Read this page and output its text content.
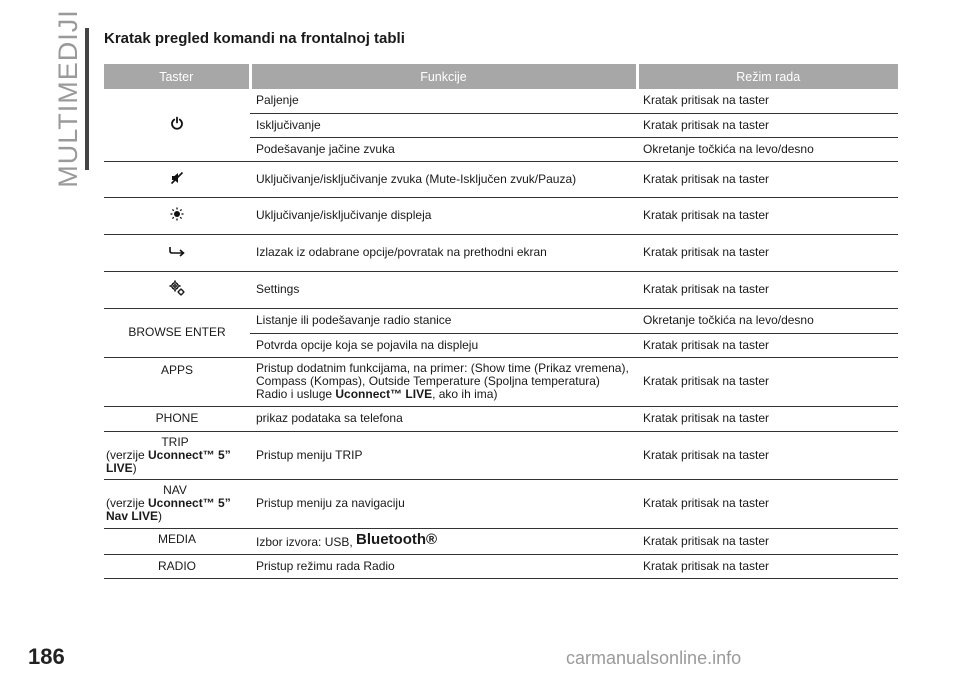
MULTIMEDIJI Kratak pregled komandi na frontalnoj tabli
Taster	Funkcije	Režim rada
	Paljenje	Kratak pritisak na taster
	Isključivanje	Kratak pritisak na taster
	Podešavanje jačine zvuka	Okretanje točkića na levo/desno
	Uključivanje/isključivanje zvuka (Mute-Isključen zvuk/Pauza)	Kratak pritisak na taster
	Uključivanje/isključivanje displeja	Kratak pritisak na taster
	Izlazak iz odabrane opcije/povratak na prethodni ekran	Kratak pritisak na taster
	Settings	Kratak pritisak na taster
BROWSE ENTER	Listanje ili podešavanje radio stanice	Okretanje točkića na levo/desno
	Potvrda opcije koja se pojavila na displeju	Kratak pritisak na taster
APPS	Pristup dodatnim funkcijama, na primer: (Show time (Prikaz vremena), Compass (Kompas), Outside Temperature (Spoljna temperatura) Radio i usluge Uconnect™ LIVE, ako ih ima)	Kratak pritisak na taster
PHONE	prikaz podataka sa telefona	Kratak pritisak na taster

TRIP
(verzije Uconnect™ 5” LIVE)	Pristup meniju TRIP	Kratak pritisak na taster

NAV
(verzije Uconnect™ 5” Nav LIVE)	Pristup meniju za navigaciju	Kratak pritisak na taster
MEDIA	Izbor izvora: USB, Bluetooth®	Kratak pritisak na taster
RADIO	Pristup režimu rada Radio	Kratak pritisak na taster
186	carmanualsonline.info
